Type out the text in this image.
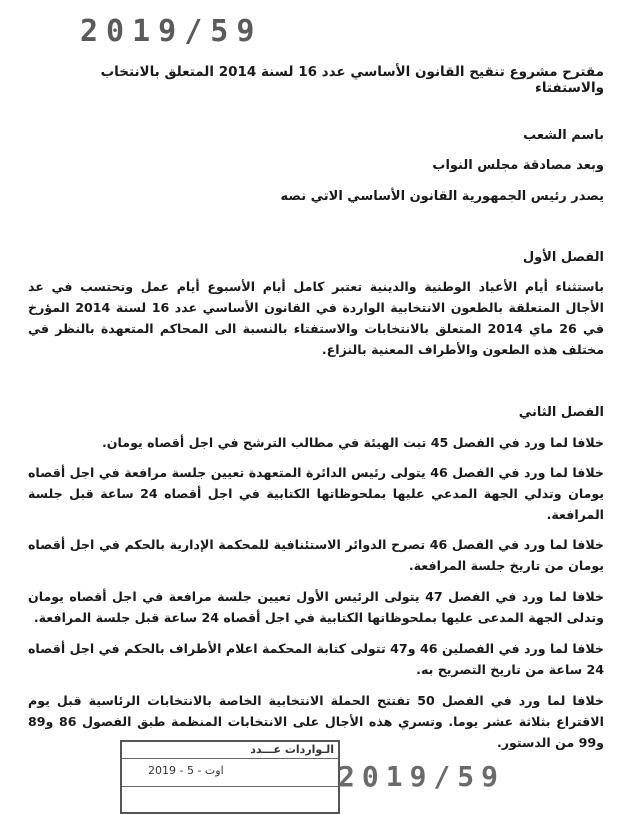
2019/59
مقترح مشروع تنقيح القانون الأساسي عدد 16 لسنة 2014 المتعلق بالانتخاب والاستفتاء
باسم الشعب
وبعد مصادقة مجلس النواب
يصدر رئيس الجمهورية القانون الأساسي الاتي نصه
الفصل الأول
باستثناء أيام الأعياد الوطنية والدينية تعتبر كامل أيام الأسبوع أيام عمل وتحتسب في عد الأجال المتعلقة بالطعون الانتخابية الواردة في القانون الأساسي عدد 16 لسنة 2014 المؤرخ في 26 ماي 2014 المتعلق بالانتخابات والاستفتاء بالنسبة الى المحاكم المتعهدة بالنظر في مختلف هذه الطعون والأطراف المعنية بالنزاع.
الفصل الثاني
خلافا لما ورد في الفصل 45 تبت الهيئة في مطالب الترشح في اجل أقصاه يومان.
خلافا لما ورد في الفصل 46 يتولى رئيس الدائرة المتعهدة تعيين جلسة مرافعة في اجل أقصاه يومان وتدلي الجهة المدعي عليها بملحوظاتها الكتابية في اجل أقصاه 24 ساعة قبل جلسة المرافعة.
خلافا لما ورد في الفصل 46 تصرح الدوائر الاستئنافية للمحكمة الإدارية بالحكم في اجل أقصاه يومان من تاريخ جلسة المرافعة.
خلافا لما ورد في الفصل 47 يتولى الرئيس الأول تعيين جلسة مرافعة في اجل أقصاه يومان وتدلى الجهة المدعى عليها بملحوظاتها الكتابية في اجل أقصاه 24 ساعة قبل جلسة المرافعة.
خلافا لما ورد في الفصلين 46 و47 تتولى كتابة المحكمة اعلام الأطراف بالحكم في اجل أقصاه 24 ساعة من تاريخ التصريح به.
خلافا لما ورد في الفصل 50 تفتتح الحملة الانتخابية الخاصة بالانتخابات الرئاسية قبل يوم الاقتراع بثلاثة عشر يوما. وتسري هذه الأجال على الانتخابات المنظمة طبق الفصول 86 و89 و99 من الدستور.
الـواردات عـــدد
2019 - 5 - اوت	2019/59
